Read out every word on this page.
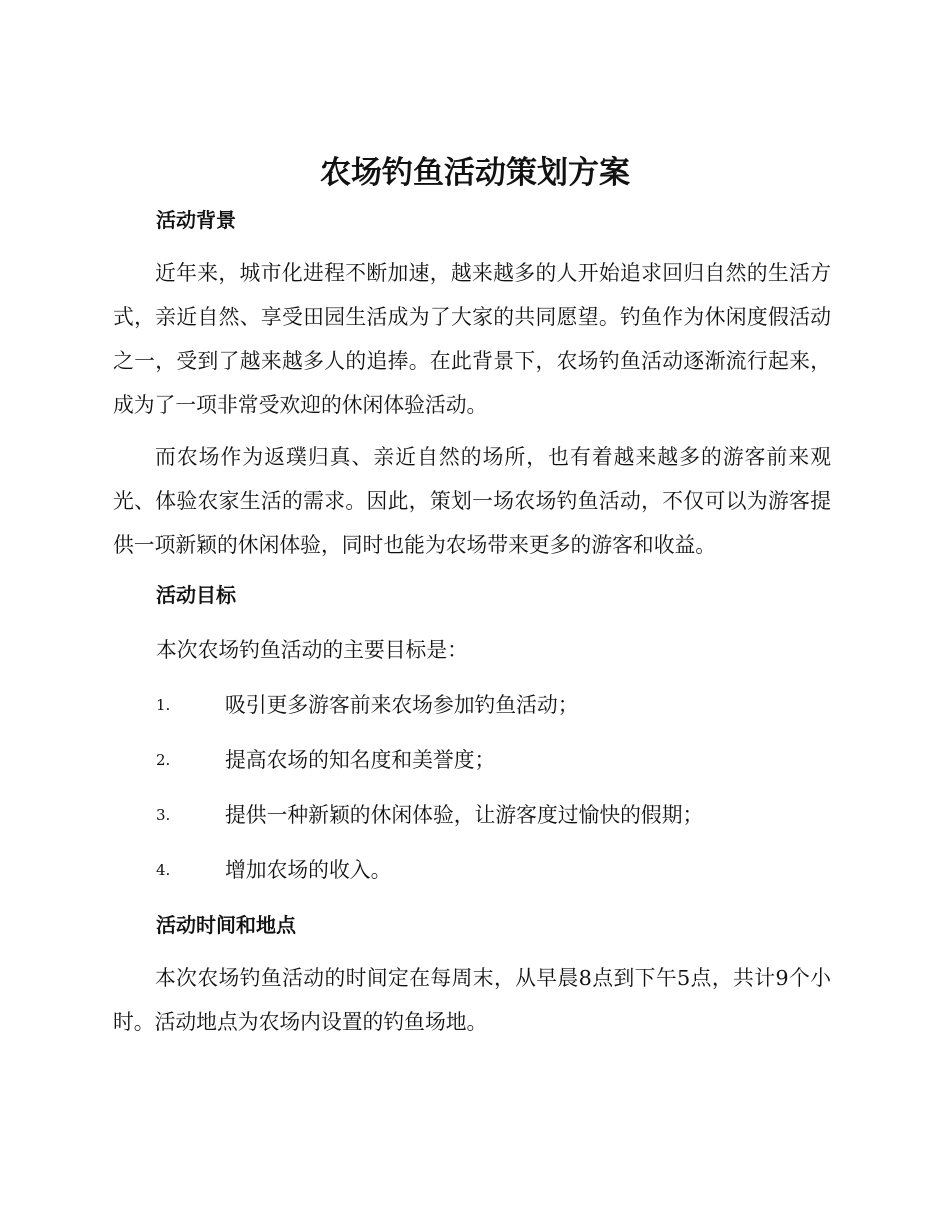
农场钓鱼活动策划方案
活动背景

近年来，城市化进程不断加速，越来越多的人开始追求回归自然的生活方式，亲近自然、享受田园生活成为了大家的共同愿望。钓鱼作为休闲度假活动之一，受到了越来越多人的追捧。在此背景下，农场钓鱼活动逐渐流行起来，成为了一项非常受欢迎的休闲体验活动。

而农场作为返璞归真、亲近自然的场所，也有着越来越多的游客前来观光、体验农家生活的需求。因此，策划一场农场钓鱼活动，不仅可以为游客提供一项新颖的休闲体验，同时也能为农场带来更多的游客和收益。

活动目标

本次农场钓鱼活动的主要目标是：

1.	吸引更多游客前来农场参加钓鱼活动；
2.	提高农场的知名度和美誉度；
3.	提供一种新颖的休闲体验，让游客度过愉快的假期；
4.	增加农场的收入。
活动时间和地点

本次农场钓鱼活动的时间定在每周末，从早晨8点到下午5点，共计9个小时。活动地点为农场内设置的钓鱼场地。
